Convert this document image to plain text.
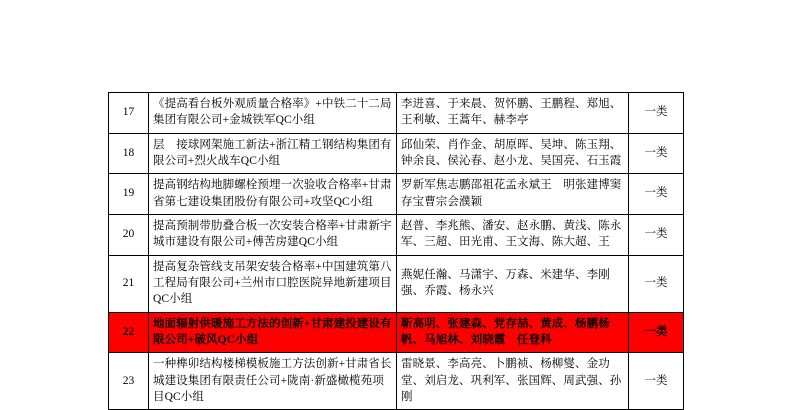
17	《提高看台板外观质量合格率》+中铁二十二局集团有限公司+金城铁军QC小组	李进喜、于来晨、贺怀鹏、王鹏程、郑旭、王利敏、王蒿年、赫李亭	一类
18	层　接球网架施工新法+浙江精工钢结构集团有限公司+烈火战车QC小组	邱仙荣、肖作金、胡原晖、吴坤、陈玉翔、钟余良、侯沁春、赵小龙、吴国亮、石玉霞	一类
19	提高钢结构地脚螺栓预埋一次验收合格率+甘肃省第七建设集团股份有限公司+攻坚QC小组	罗新军焦志鹏邵祖花孟永斌王　明张建博窦存宝曹宗会濮颖	一类
20	提高预制带肋叠合板一次安装合格率+甘肃新宇城市建设有限公司+傅苦房建QC小组	赵普、李兆熊、潘安、赵永鹏、黄浅、陈永军、三超、田光甫、王文海、陈大超、王	一类
21	提高复杂管线支吊架安装合格率+中国建筑第八工程局有限公司+兰州市口腔医院异地新建项目QC小组	燕妮任瀚、马潇宇、万森、米建华、李刚强、乔霞、杨永兴	一类
22	地面辐射供暖施工方法的创新+甘肃建投建设有限公司+破风QC小组	靳高明、张建森、党存喆、黄成、杨鹏杨帆、马旭林、刘晓霞　任登科	一类
23	一种榫卯结构楼梯模板施工方法创新+甘肃省长城建设集团有限责任公司+陇南·新盛橄榄苑项目QC小组	雷晓景、李高亮、卜鹏祯、杨柳燮、金功堂、刘启龙、巩利军、张国辉、周武强、孙刚	一类
